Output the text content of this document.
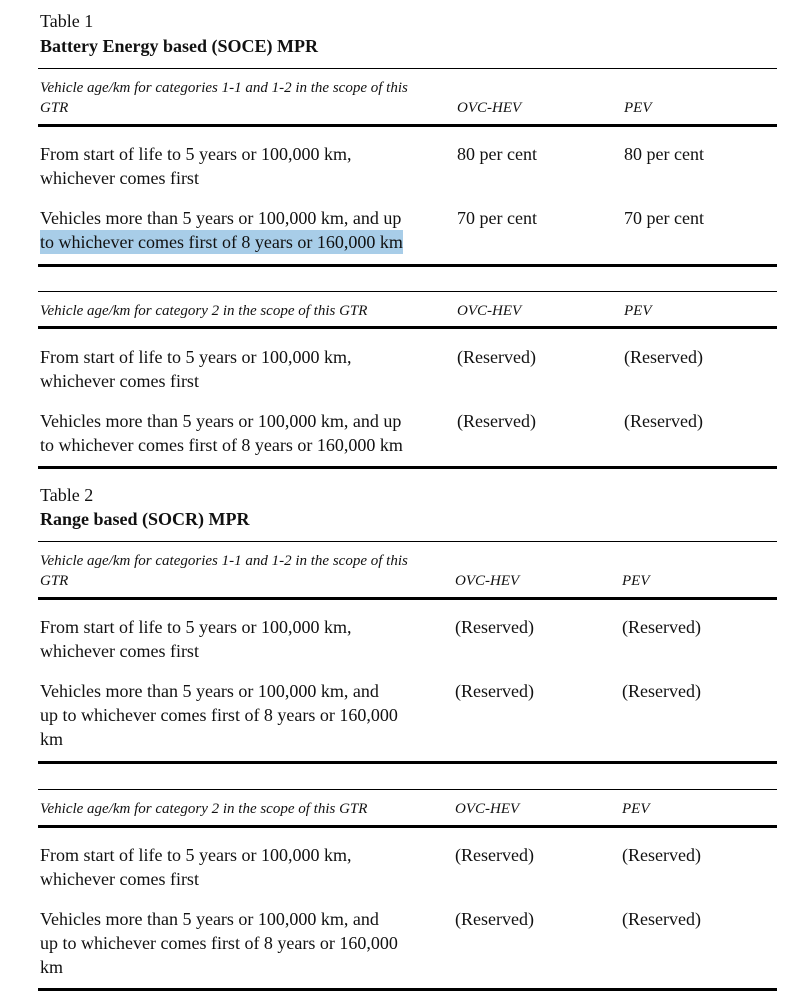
Table 1
Battery Energy based (SOCE) MPR
Vehicle age/km for categories 1-1 and 1-2 in the scope of this
GTR	OVC-HEV	PEV
From start of life to 5 years or 100,000 km,
whichever comes first
80 per cent	80 per cent
Vehicles more than 5 years or 100,000 km, and up
to whichever comes first of 8 years or 160,000 km
70 per cent	70 per cent
Vehicle age/km for category 2 in the scope of this GTR	OVC-HEV	PEV
From start of life to 5 years or 100,000 km,
whichever comes first
(Reserved)	(Reserved)
Vehicles more than 5 years or 100,000 km, and up
to whichever comes first of 8 years or 160,000 km
(Reserved)	(Reserved)
Table 2
Range based (SOCR) MPR
Vehicle age/km for categories 1-1 and 1-2 in the scope of this
GTR	OVC-HEV	PEV
From start of life to 5 years or 100,000 km,
whichever comes first
(Reserved)	(Reserved)
Vehicles more than 5 years or 100,000 km, and
up to whichever comes first of 8 years or 160,000
km
(Reserved)	(Reserved)
Vehicle age/km for category 2 in the scope of this GTR	OVC-HEV	PEV
From start of life to 5 years or 100,000 km,
whichever comes first
(Reserved)	(Reserved)
Vehicles more than 5 years or 100,000 km, and
up to whichever comes first of 8 years or 160,000
km
(Reserved)	(Reserved)
